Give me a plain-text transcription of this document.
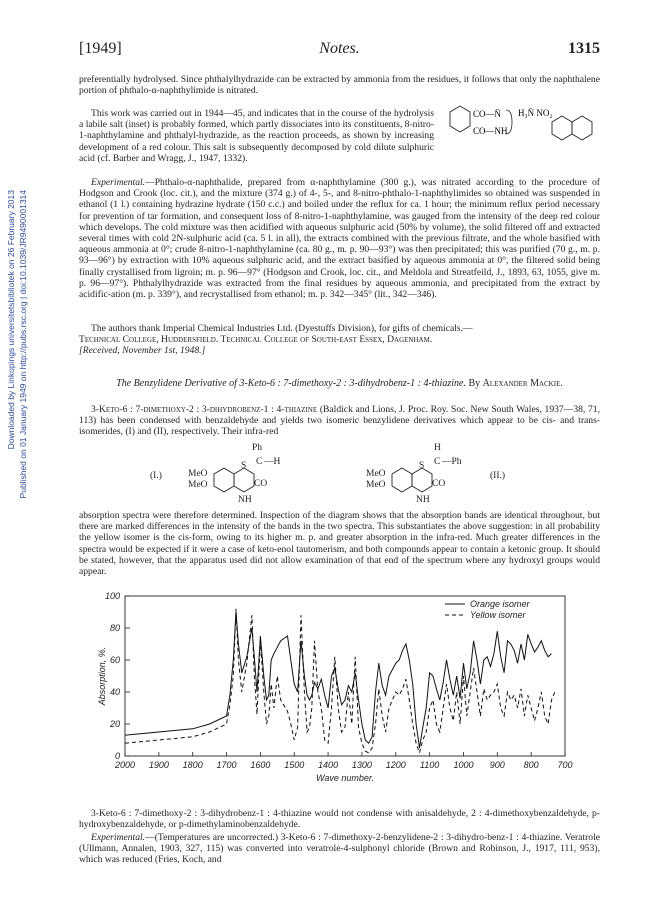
[1949]	Notes.	1315
Downloaded by Linkopings universitetsbibliotek on 26 February 2013 Published on 01 January 1949 on http://pubs.rsc.org | doi:10.1039/JR9490001314

preferentially hydrolysed. Since phthalylhydrazide can be extracted by ammonia from the residues, it follows that only the naphthalene portion of phthalo-α-naphthylimide is nitrated.

This work was carried out in 1944—45, and indicates that in the course of the hydrolysis a labile salt (inset) is probably formed, which partly dissociates into its constituents, 8-nitro-1-naphthylamine and phthalyl-hydrazide, as the reaction proceeds, as shown by increasing development of a red colour. This salt is subsequently decomposed by cold dilute sulphuric acid (cf. Barber and Wragg, J., 1947, 1332).

CO—N̄
CO—NH
H₃N̄ NO₂

Experimental.—Phthalo-α-naphthalide, prepared from α-naphthylamine (300 g.), was nitrated according to the procedure of Hodgson and Crook (loc. cit.), and the mixture (374 g.) of 4-, 5-, and 8-nitro-phthalo-1-naphthylimides so obtained was suspended in ethanol (1 l.) containing hydrazine hydrate (150 c.c.) and boiled under the reflux for ca. 1 hour; the minimum reflux period necessary for prevention of tar formation, and consequent loss of 8-nitro-1-naphthylamine, was gauged from the intensity of the deep red colour which develops. The cold mixture was then acidified with aqueous sulphuric acid (50% by volume), the solid filtered off and extracted several times with cold 2N-sulphuric acid (ca. 5 l. in all), the extracts combined with the previous filtrate, and the whole basified with aqueous ammonia at 0°; crude 8-nitro-1-naphthylamine (ca. 80 g., m. p. 90—93°) was then precipitated; this was purified (70 g., m. p. 93—96°) by extraction with 10% aqueous sulphuric acid, and the extract basified by aqueous ammonia at 0°, the filtered solid being finally crystallised from ligroin; m. p. 96—97° (Hodgson and Crook, loc. cit., and Meldola and Streatfeild, J., 1893, 63, 1055, give m. p. 96—97°). Phthalylhydrazide was extracted from the final residues by aqueous ammonia, and precipitated from the extract by acidific-ation (m. p. 339°), and recrystallised from ethanol; m. p. 342—345° (lit., 342—346).

The authors thank Imperial Chemical Industries Ltd. (Dyestuffs Division), for gifts of chemicals.—

Technical College, Huddersfield. Technical College of South-east Essex, Dagenham.

[Received, November 1st, 1948.]

The Benzylidene Derivative of 3-Keto-6 : 7-dimethoxy-2 : 3-dihydrobenz-1 : 4-thiazine. By Alexander Mackie.

3-Keto-6 : 7-dimethoxy-2 : 3-dihydrobenz-1 : 4-thiazine (Baldick and Lions, J. Proc. Roy. Soc. New South Wales, 1937—38, 71, 113) has been condensed with benzaldehyde and yields two isomeric benzylidene derivatives which appear to be cis- and trans-isomerides, (I) and (II), respectively. Their infra-red

(I.)	MeO
MeO
S C
Ph
—H
CO
NH
MeO
MeO
S C
H
—Ph
CO
NH
(II.)

absorption spectra were therefore determined. Inspection of the diagram shows that the absorption bands are identical throughout, but there are marked differences in the intensity of the bands in the two spectra. This substantiates the above suggestion: in all probability the yellow isomer is the cis-form, owing to its higher m. p. and greater absorption in the infra-red. Much greater differences in the spectra would be expected if it were a case of keto-enol tautomerism, and both compounds appear to contain a ketonic group. It should be stated, however, that the apparatus used did not allow examination of that end of the spectrum where any hydroxyl groups would appear.

0
20
40
60
80
100
2000 1900 1800 1700 1600 1500 1400 1300 1200 1100 1000 900 800 700
Wave number.
Absorption, %.
Orange isomer
Yellow isomer

3-Keto-6 : 7-dimethoxy-2 : 3-dihydrobenz-1 : 4-thiazine would not condense with anisaldehyde, 2 : 4-dimethoxybenzaldehyde, p-hydroxybenzaldehyde, or p-dimethylaminobenzaldehyde.

Experimental.—(Temperatures are uncorrected.) 3-Keto-6 : 7-dimethoxy-2-benzylidene-2 : 3-dihydro-benz-1 : 4-thiazine. Veratrole (Ullmann, Annalen, 1903, 327, 115) was converted into veratrole-4-sulphonyl chloride (Brown and Robinson, J., 1917, 111, 953), which was reduced (Fries, Koch, and
